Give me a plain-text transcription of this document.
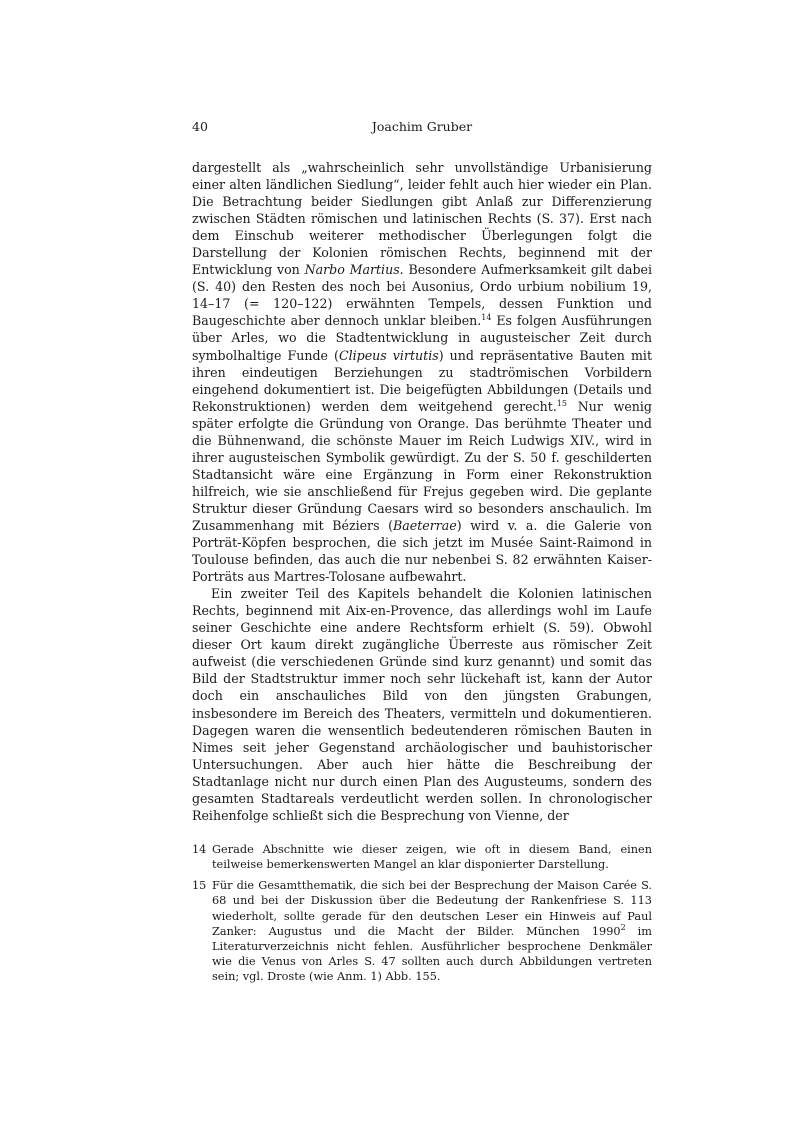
40	Joachim Gruber

dargestellt als „wahrscheinlich sehr unvollständige Urbanisierung einer alten ländlichen Siedlung“, leider fehlt auch hier wieder ein Plan. Die Betrachtung beider Siedlungen gibt Anlaß zur Differenzierung zwischen Städten römischen und latinischen Rechts (S. 37). Erst nach dem Einschub weiterer methodischer Überlegungen folgt die Darstellung der Kolonien römischen Rechts, beginnend mit der Entwicklung von Narbo Martius. Besondere Aufmerksamkeit gilt dabei (S. 40) den Resten des noch bei Ausonius, Ordo urbium nobilium 19, 14–17 (= 120–122) erwähnten Tempels, dessen Funktion und Baugeschichte aber dennoch unklar bleiben.$^{14}$ Es folgen Ausführungen über Arles, wo die Stadtentwicklung in augusteischer Zeit durch symbolhaltige Funde (Clipeus virtutis) und repräsentative Bauten mit ihren eindeutigen Berziehungen zu stadtrömischen Vorbildern eingehend dokumentiert ist. Die beigefügten Abbildungen (Details und Rekonstruktionen) werden dem weitgehend gerecht.$^{15}$ Nur wenig später erfolgte die Gründung von Orange. Das berühmte Theater und die Bühnenwand, die schönste Mauer im Reich Ludwigs XIV., wird in ihrer augusteischen Symbolik gewürdigt. Zu der S. 50 f. geschilderten Stadtansicht wäre eine Ergänzung in Form einer Rekonstruktion hilfreich, wie sie anschließend für Frejus gegeben wird. Die geplante Struktur dieser Gründung Caesars wird so besonders anschaulich. Im Zusammenhang mit Béziers (Baeterrae) wird v. a. die Galerie von Porträt-Köpfen besprochen, die sich jetzt im Musée Saint-Raimond in Toulouse befinden, das auch die nur nebenbei S. 82 erwähnten Kaiser-Porträts aus Martres-Tolosane aufbewahrt.

Ein zweiter Teil des Kapitels behandelt die Kolonien latinischen Rechts, beginnend mit Aix-en-Provence, das allerdings wohl im Laufe seiner Geschichte eine andere Rechtsform erhielt (S. 59). Obwohl dieser Ort kaum direkt zugängliche Überreste aus römischer Zeit aufweist (die verschiedenen Gründe sind kurz genannt) und somit das Bild der Stadtstruktur immer noch sehr lückehaft ist, kann der Autor doch ein anschauliches Bild von den jüngsten Grabungen, insbesondere im Bereich des Theaters, vermitteln und dokumentieren. Dagegen waren die wensentlich bedeutenderen römischen Bauten in Nimes seit jeher Gegenstand archäologischer und bauhistorischer Untersuchungen. Aber auch hier hätte die Beschreibung der Stadtanlage nicht nur durch einen Plan des Augusteums, sondern des gesamten Stadtareals verdeutlicht werden sollen. In chronologischer Reihenfolge schließt sich die Besprechung von Vienne, der

14 Gerade Abschnitte wie dieser zeigen, wie oft in diesem Band, einen teilweise bemerkenswerten Mangel an klar disponierter Darstellung.
15 Für die Gesamtthematik, die sich bei der Besprechung der Maison Carée S. 68 und bei der Diskussion über die Bedeutung der Rankenfriese S. 113 wiederholt, sollte gerade für den deutschen Leser ein Hinweis auf Paul Zanker: Augustus und die Macht der Bilder. München 1990$^2$ im Literaturverzeichnis nicht fehlen. Ausführlicher besprochene Denkmäler wie die Venus von Arles S. 47 sollten auch durch Abbildungen vertreten sein; vgl. Droste (wie Anm. 1) Abb. 155.
